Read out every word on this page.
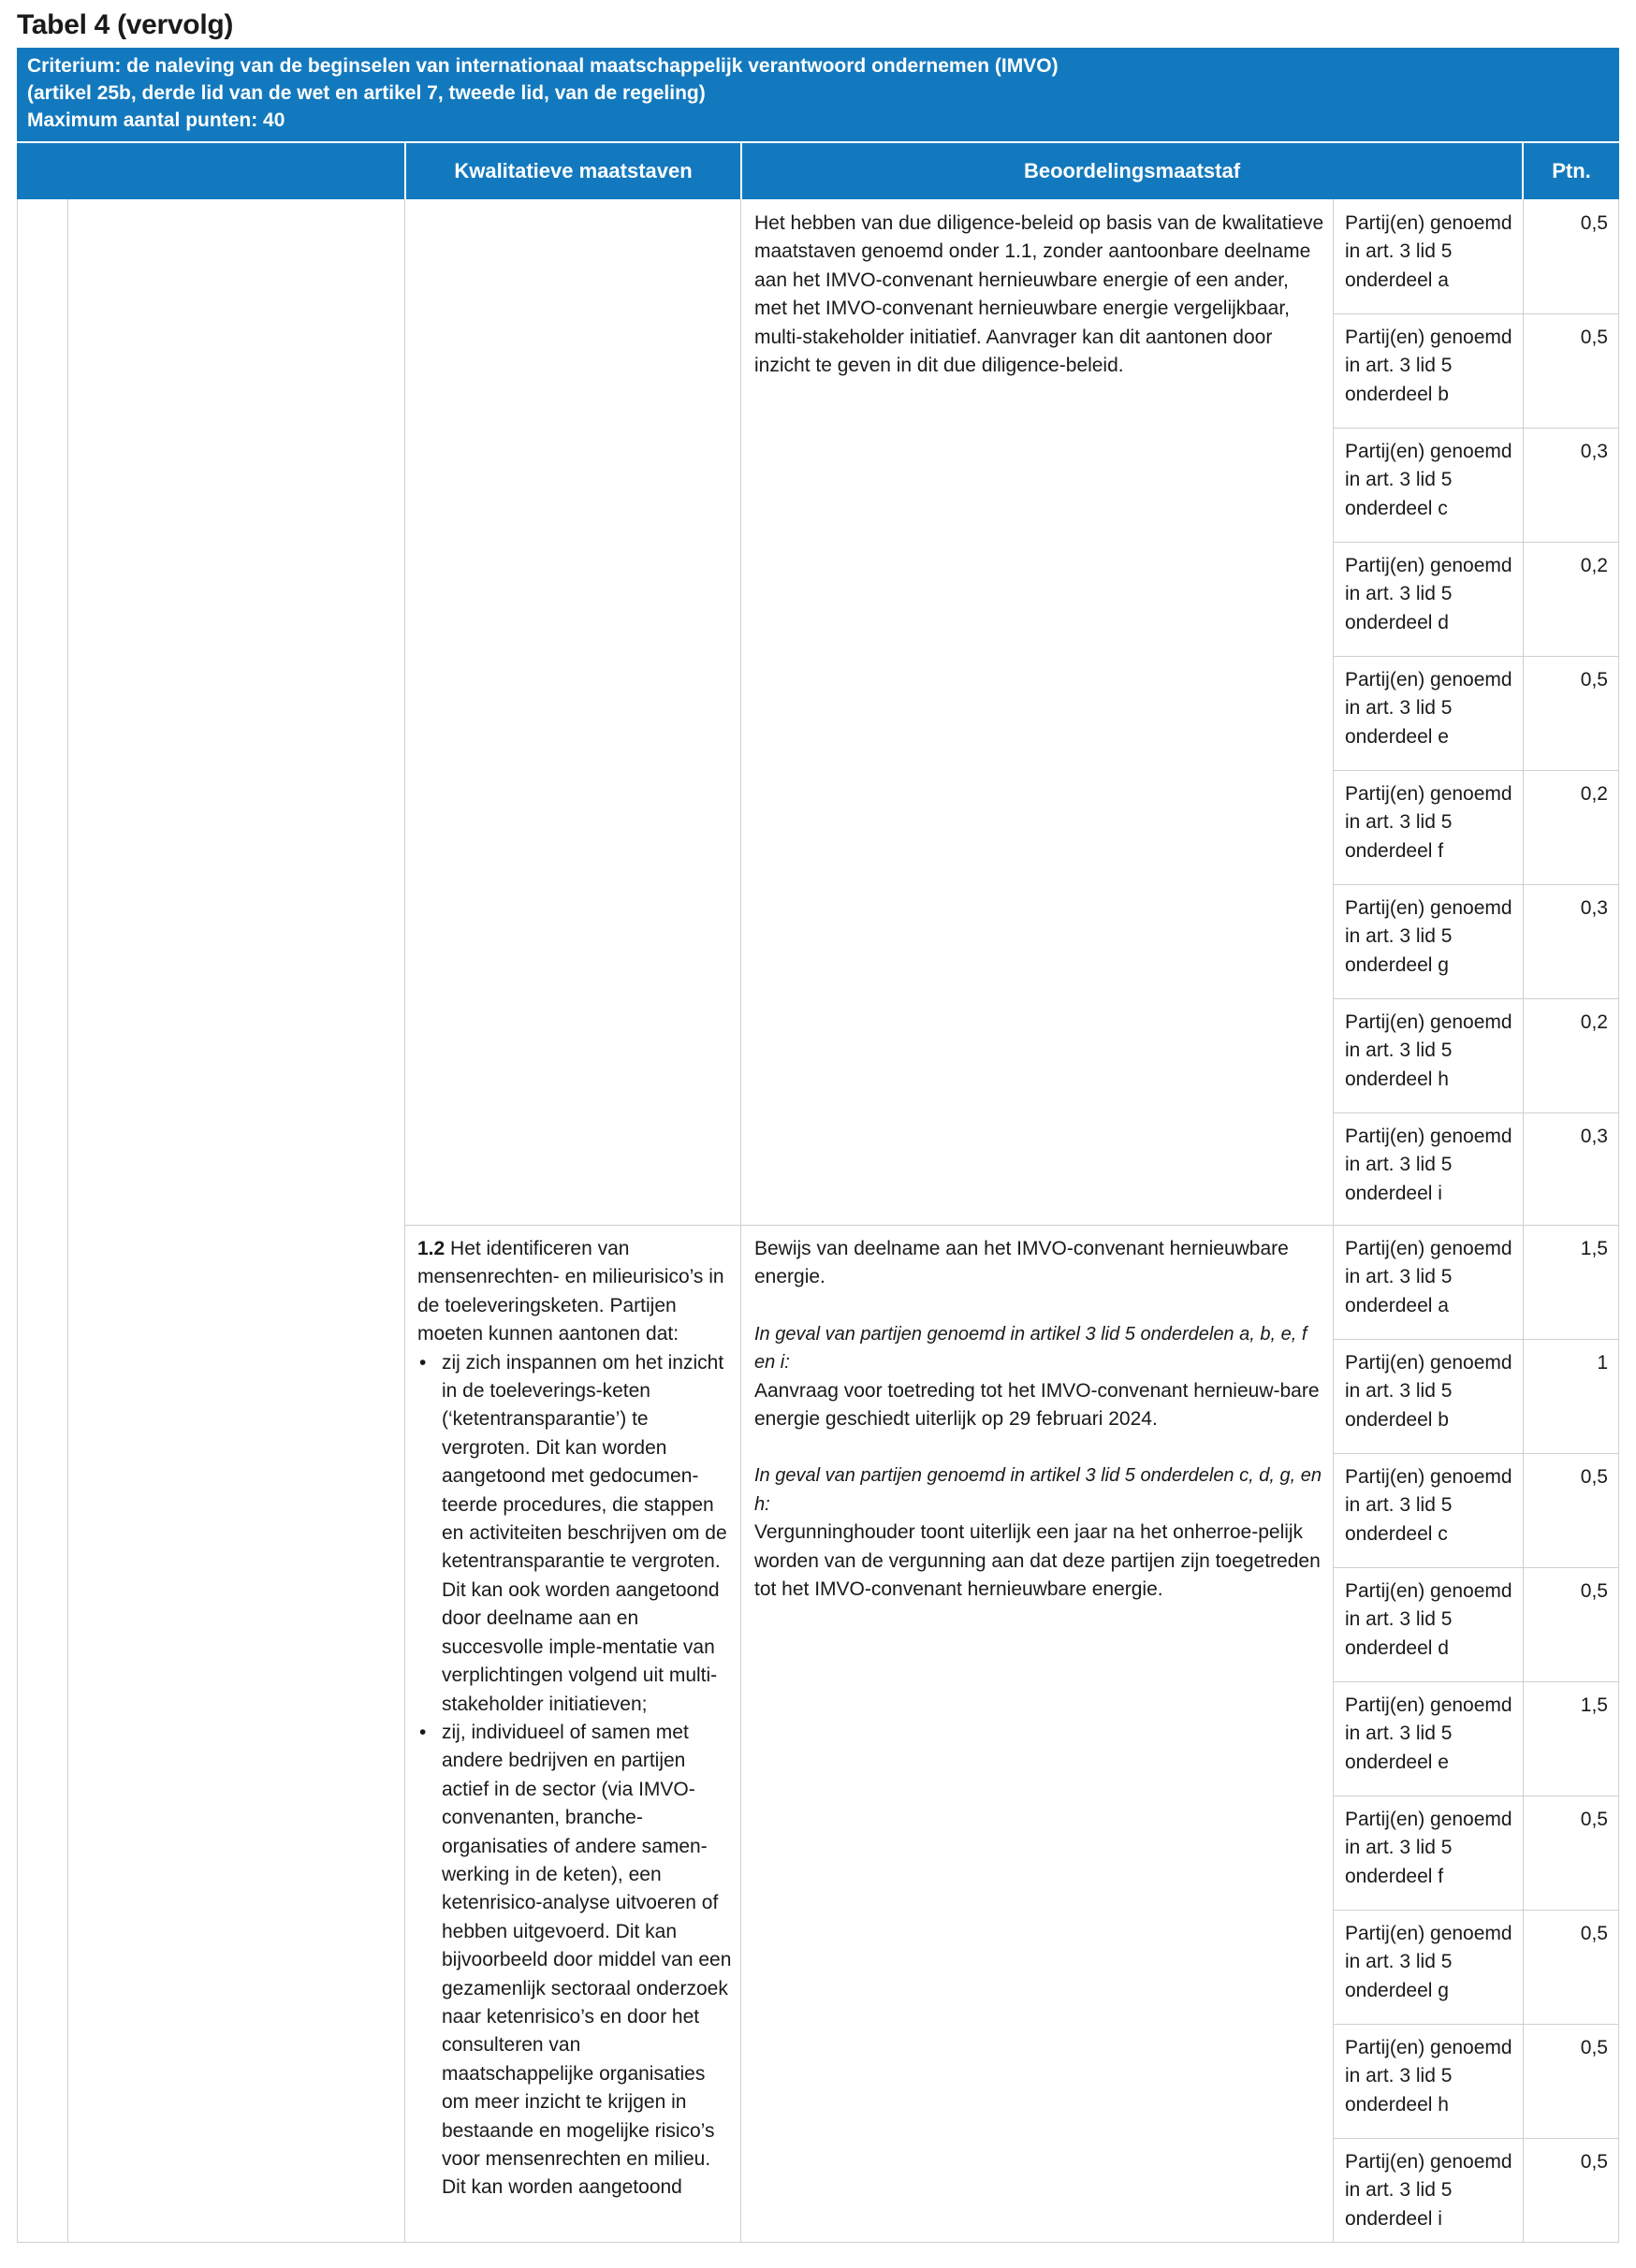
Tabel 4 (vervolg)
Criterium: de naleving van de beginselen van internationaal maatschappelijk verantwoord ondernemen (IMVO)
(artikel 25b, derde lid van de wet en artikel 7, tweede lid, van de regeling)
Maximum aantal punten: 40
Kwalitatieve maatstaven	Beoordelingsmaatstaf	Ptn.
Partij(en) genoemd in art. 3 lid 5 onderdeel a
0,5
Partij(en) genoemd in art. 3 lid 5 onderdeel b
0,5
Partij(en) genoemd in art. 3 lid 5 onderdeel c
0,3
Partij(en) genoemd in art. 3 lid 5 onderdeel d
0,2
Partij(en) genoemd in art. 3 lid 5 onderdeel e
0,5
Partij(en) genoemd in art. 3 lid 5 onderdeel f
0,2
Partij(en) genoemd in art. 3 lid 5 onderdeel g
0,3
Partij(en) genoemd in art. 3 lid 5 onderdeel h
0,2
Partij(en) genoemd in art. 3 lid 5 onderdeel i
0,3
Partij(en) genoemd in art. 3 lid 5 onderdeel a
1,5
Partij(en) genoemd in art. 3 lid 5 onderdeel b
1
Partij(en) genoemd in art. 3 lid 5 onderdeel c
0,5
Partij(en) genoemd in art. 3 lid 5 onderdeel d
0,5
Partij(en) genoemd in art. 3 lid 5 onderdeel e
1,5
Partij(en) genoemd in art. 3 lid 5 onderdeel f
0,5
Partij(en) genoemd in art. 3 lid 5 onderdeel g
0,5
Partij(en) genoemd in art. 3 lid 5 onderdeel h
0,5
Partij(en) genoemd in art. 3 lid 5 onderdeel i
0,5
Het hebben van due diligence-beleid op basis van de kwalitatieve maatstaven genoemd onder 1.1, zonder aantoonbare deelname aan het IMVO-convenant hernieuwbare energie of een ander, met het IMVO-convenant hernieuwbare energie vergelijkbaar, multi-stakeholder initiatief. Aanvrager kan dit aantonen door inzicht te geven in dit due diligence-beleid.
1.2 Het identificeren van mensenrechten- en milieurisico’s in de toeleveringsketen. Partijen moeten kunnen aantonen dat:
• zij zich inspannen om het inzicht in de toeleverings-keten (‘ketentransparantie’) te vergroten. Dit kan worden aangetoond met gedocumen-teerde procedures, die stappen en activiteiten beschrijven om de ketentransparantie te vergroten. Dit kan ook worden aangetoond door deelname aan en succesvolle imple-mentatie van verplichtingen volgend uit multi-stakeholder initiatieven;
• zij, individueel of samen met andere bedrijven en partijen actief in de sector (via IMVO-convenanten, branche-organisaties of andere samen-werking in de keten), een ketenrisico-analyse uitvoeren of hebben uitgevoerd. Dit kan bijvoorbeeld door middel van een gezamenlijk sectoraal onderzoek naar ketenrisico’s en door het consulteren van maatschappelijke organisaties om meer inzicht te krijgen in bestaande en mogelijke risico’s voor mensenrechten en milieu. Dit kan worden aangetoond
Bewijs van deelname aan het IMVO-convenant hernieuwbare energie.
In geval van partijen genoemd in artikel 3 lid 5 onderdelen a, b, e, f en i:
Aanvraag voor toetreding tot het IMVO-convenant hernieuw-bare energie geschiedt uiterlijk op 29 februari 2024.
In geval van partijen genoemd in artikel 3 lid 5 onderdelen c, d, g, en h:
Vergunninghouder toont uiterlijk een jaar na het onherroe-pelijk worden van de vergunning aan dat deze partijen zijn toegetreden tot het IMVO-convenant hernieuwbare energie.
